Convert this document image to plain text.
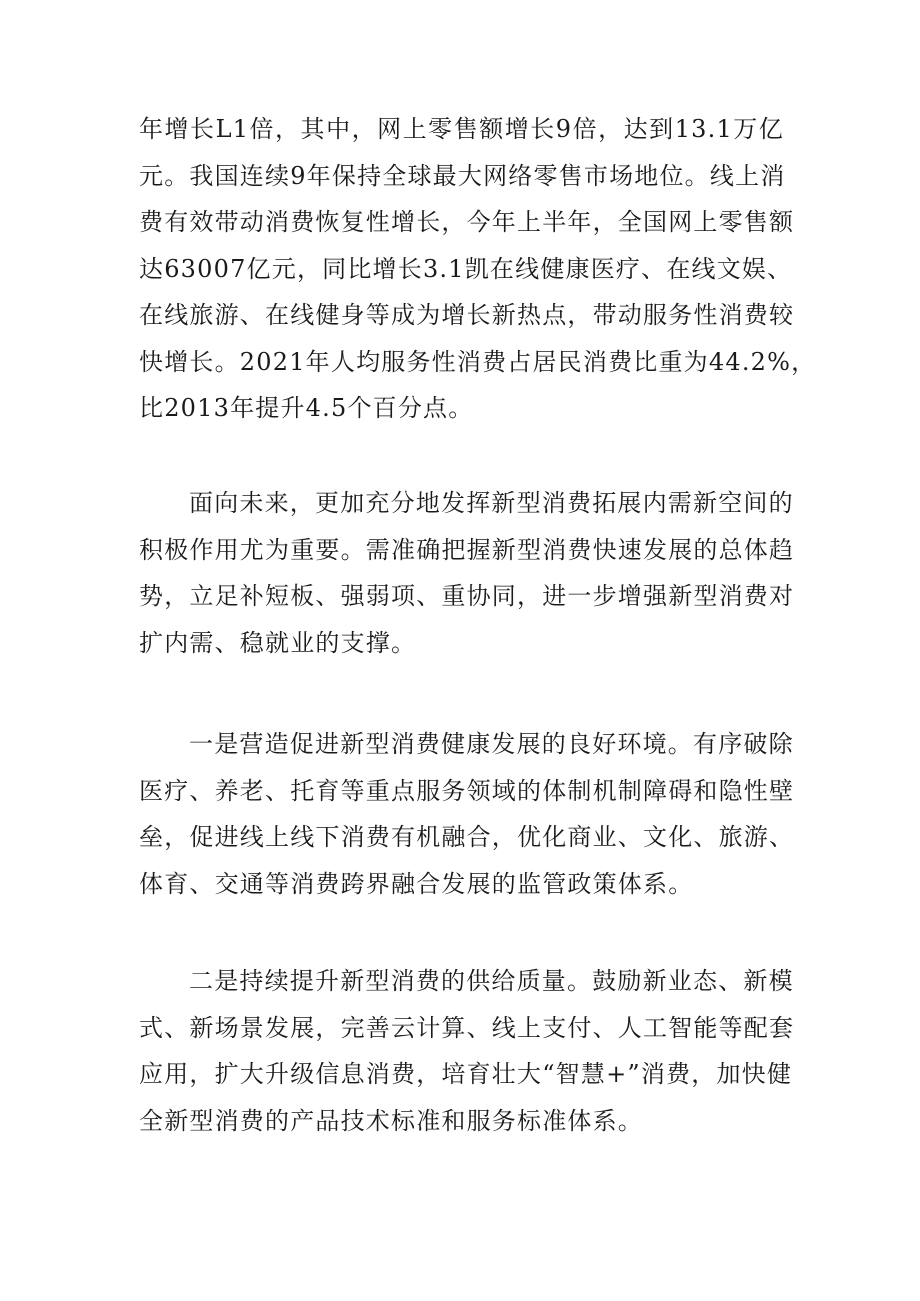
年增长L1倍，其中，网上零售额增长9倍，达到13.1万亿
元。我国连续9年保持全球最大网络零售市场地位。线上消
费有效带动消费恢复性增长，今年上半年，全国网上零售额
达63007亿元，同比增长3.1凯在线健康医疗、在线文娱、
在线旅游、在线健身等成为增长新热点，带动服务性消费较
快增长。2021年人均服务性消费占居民消费比重为44.2%，
比2013年提升4.5个百分点。

面向未来，更加充分地发挥新型消费拓展内需新空间的
积极作用尤为重要。需准确把握新型消费快速发展的总体趋
势，立足补短板、强弱项、重协同，进一步增强新型消费对
扩内需、稳就业的支撑。

一是营造促进新型消费健康发展的良好环境。有序破除
医疗、养老、托育等重点服务领域的体制机制障碍和隐性壁
垒，促进线上线下消费有机融合，优化商业、文化、旅游、
体育、交通等消费跨界融合发展的监管政策体系。

二是持续提升新型消费的供给质量。鼓励新业态、新模
式、新场景发展，完善云计算、线上支付、人工智能等配套
应用，扩大升级信息消费，培育壮大“智慧+”消费，加快健
全新型消费的产品技术标准和服务标准体系。
